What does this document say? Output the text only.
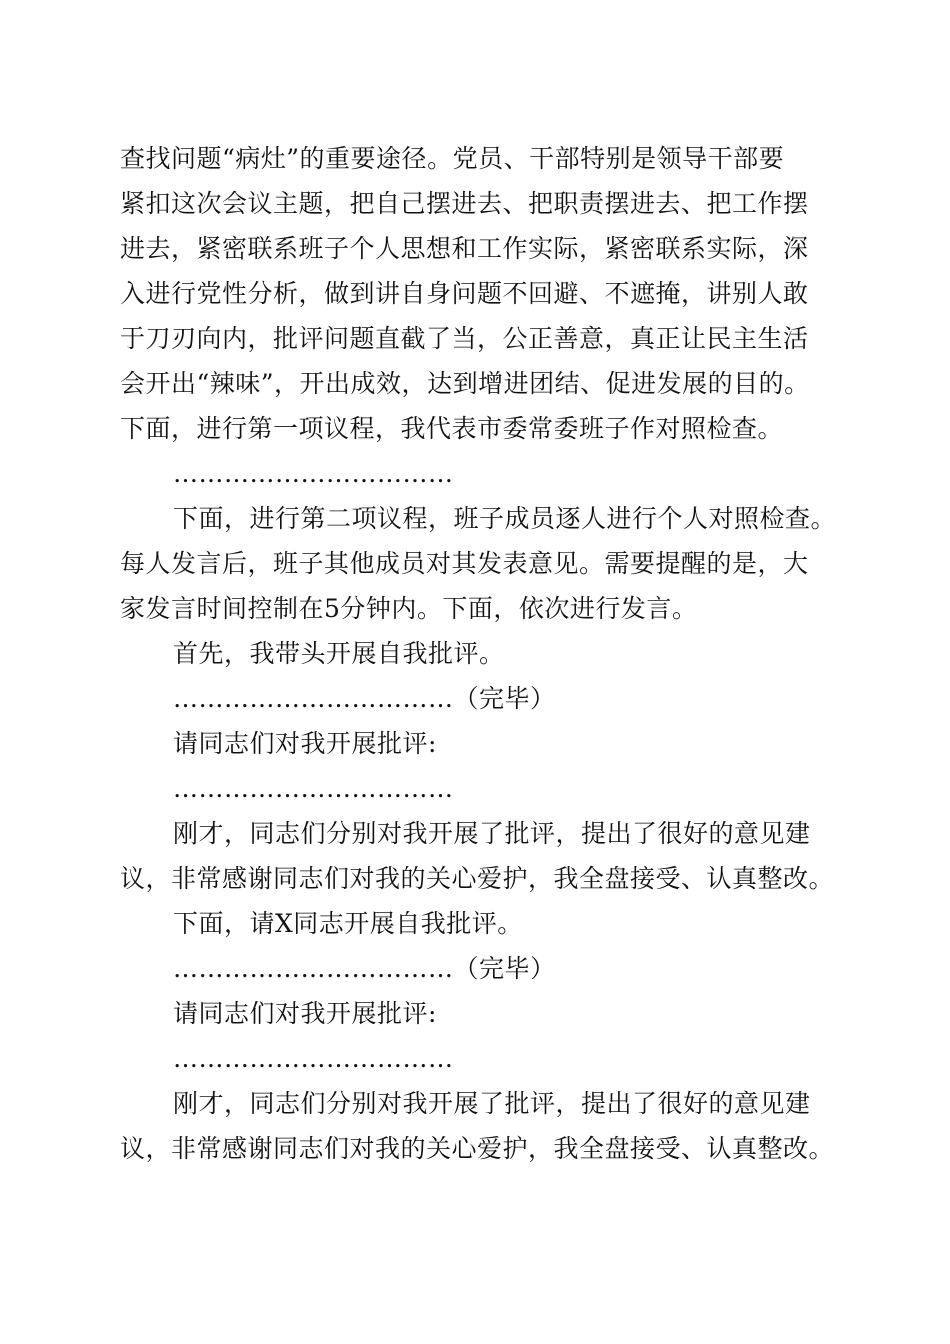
查找问题“病灶”的重要途径。党员、干部特别是领导干部要
紧扣这次会议主题，把自己摆进去、把职责摆进去、把工作摆
进去，紧密联系班子个人思想和工作实际，紧密联系实际，深
入进行党性分析，做到讲自身问题不回避、不遮掩，讲别人敢
于刀刃向内，批评问题直截了当，公正善意，真正让民主生活
会开出“辣味”，开出成效，达到增进团结、促进发展的目的。
下面，进行第一项议程，我代表市委常委班子作对照检查。
……………………………
下面，进行第二项议程，班子成员逐人进行个人对照检查。
每人发言后，班子其他成员对其发表意见。需要提醒的是，大
家发言时间控制在5分钟内。下面，依次进行发言。
首先，我带头开展自我批评。
……………………………（完毕）
请同志们对我开展批评:
……………………………
刚才，同志们分别对我开展了批评，提出了很好的意见建
议，非常感谢同志们对我的关心爱护，我全盘接受、认真整改。
下面，请X同志开展自我批评。
……………………………（完毕）
请同志们对我开展批评:
……………………………
刚才，同志们分别对我开展了批评，提出了很好的意见建
议，非常感谢同志们对我的关心爱护，我全盘接受、认真整改。
